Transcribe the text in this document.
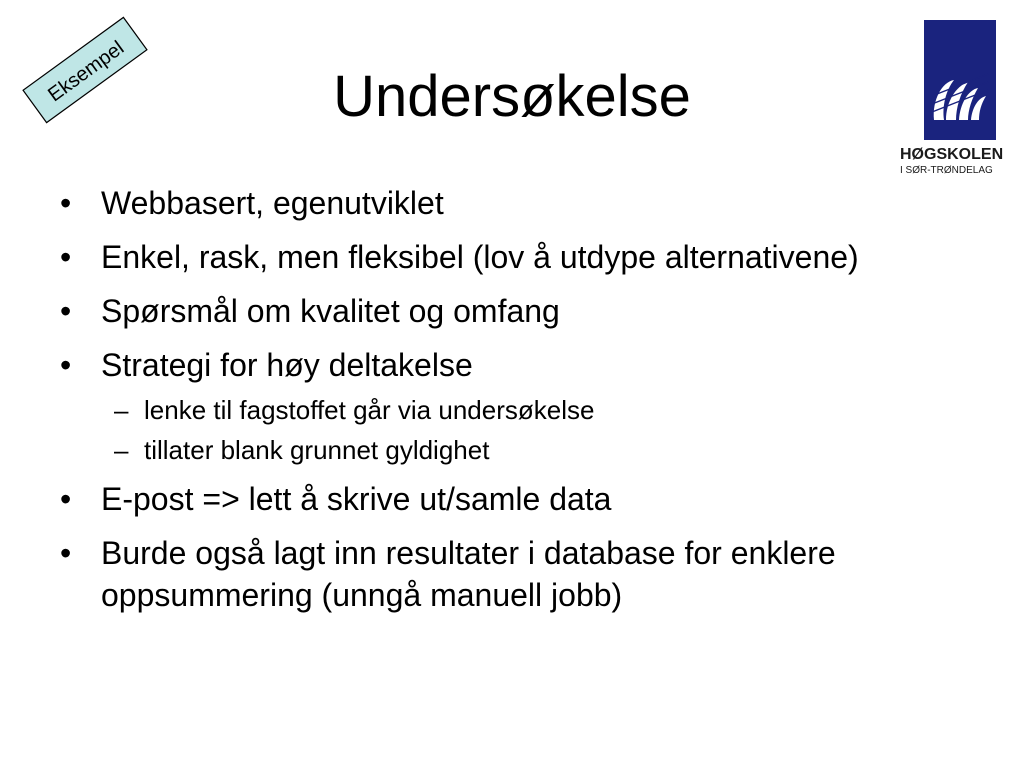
Eksempel	Undersøkelse
HØGSKOLEN
I SØR-TRØNDELAG
• Webbasert, egenutviklet
• Enkel, rask, men fleksibel (lov å utdype alternativene)
• Spørsmål om kvalitet og omfang
• Strategi for høy deltakelse
– lenke til fagstoffet går via undersøkelse
– tillater blank grunnet gyldighet
• E-post => lett å skrive ut/samle data
• Burde også lagt inn resultater i database for enklere oppsummering (unngå manuell jobb)
